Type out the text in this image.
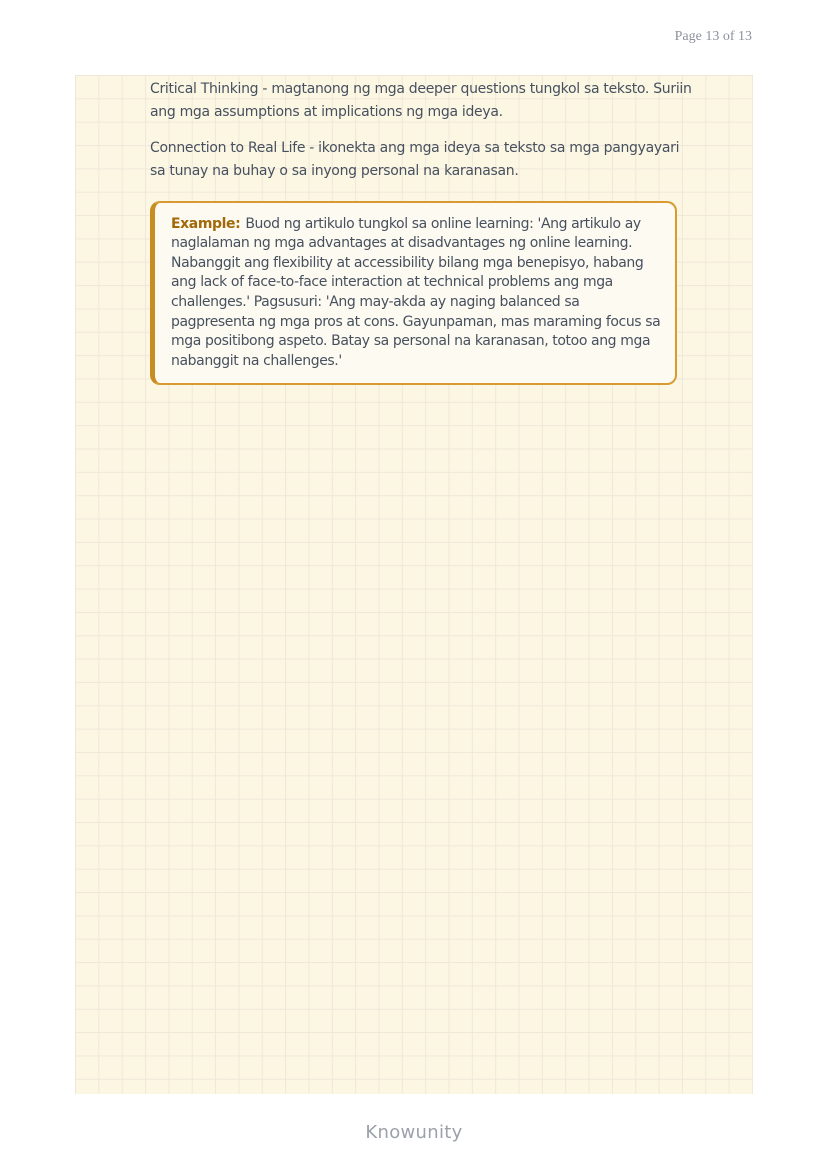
Page 13 of 13

Critical Thinking - magtanong ng mga deeper questions tungkol sa teksto. Suriin ang mga assumptions at implications ng mga ideya.

Connection to Real Life - ikonekta ang mga ideya sa teksto sa mga pangyayari sa tunay na buhay o sa inyong personal na karanasan.

Example: Buod ng artikulo tungkol sa online learning: 'Ang artikulo ay naglalaman ng mga advantages at disadvantages ng online learning. Nabanggit ang flexibility at accessibility bilang mga benepisyo, habang ang lack of face-to-face interaction at technical problems ang mga challenges.' Pagsusuri: 'Ang may-akda ay naging balanced sa pagpresenta ng mga pros at cons. Gayunpaman, mas maraming focus sa mga positibong aspeto. Batay sa personal na karanasan, totoo ang mga nabanggit na challenges.'

Knowunity
